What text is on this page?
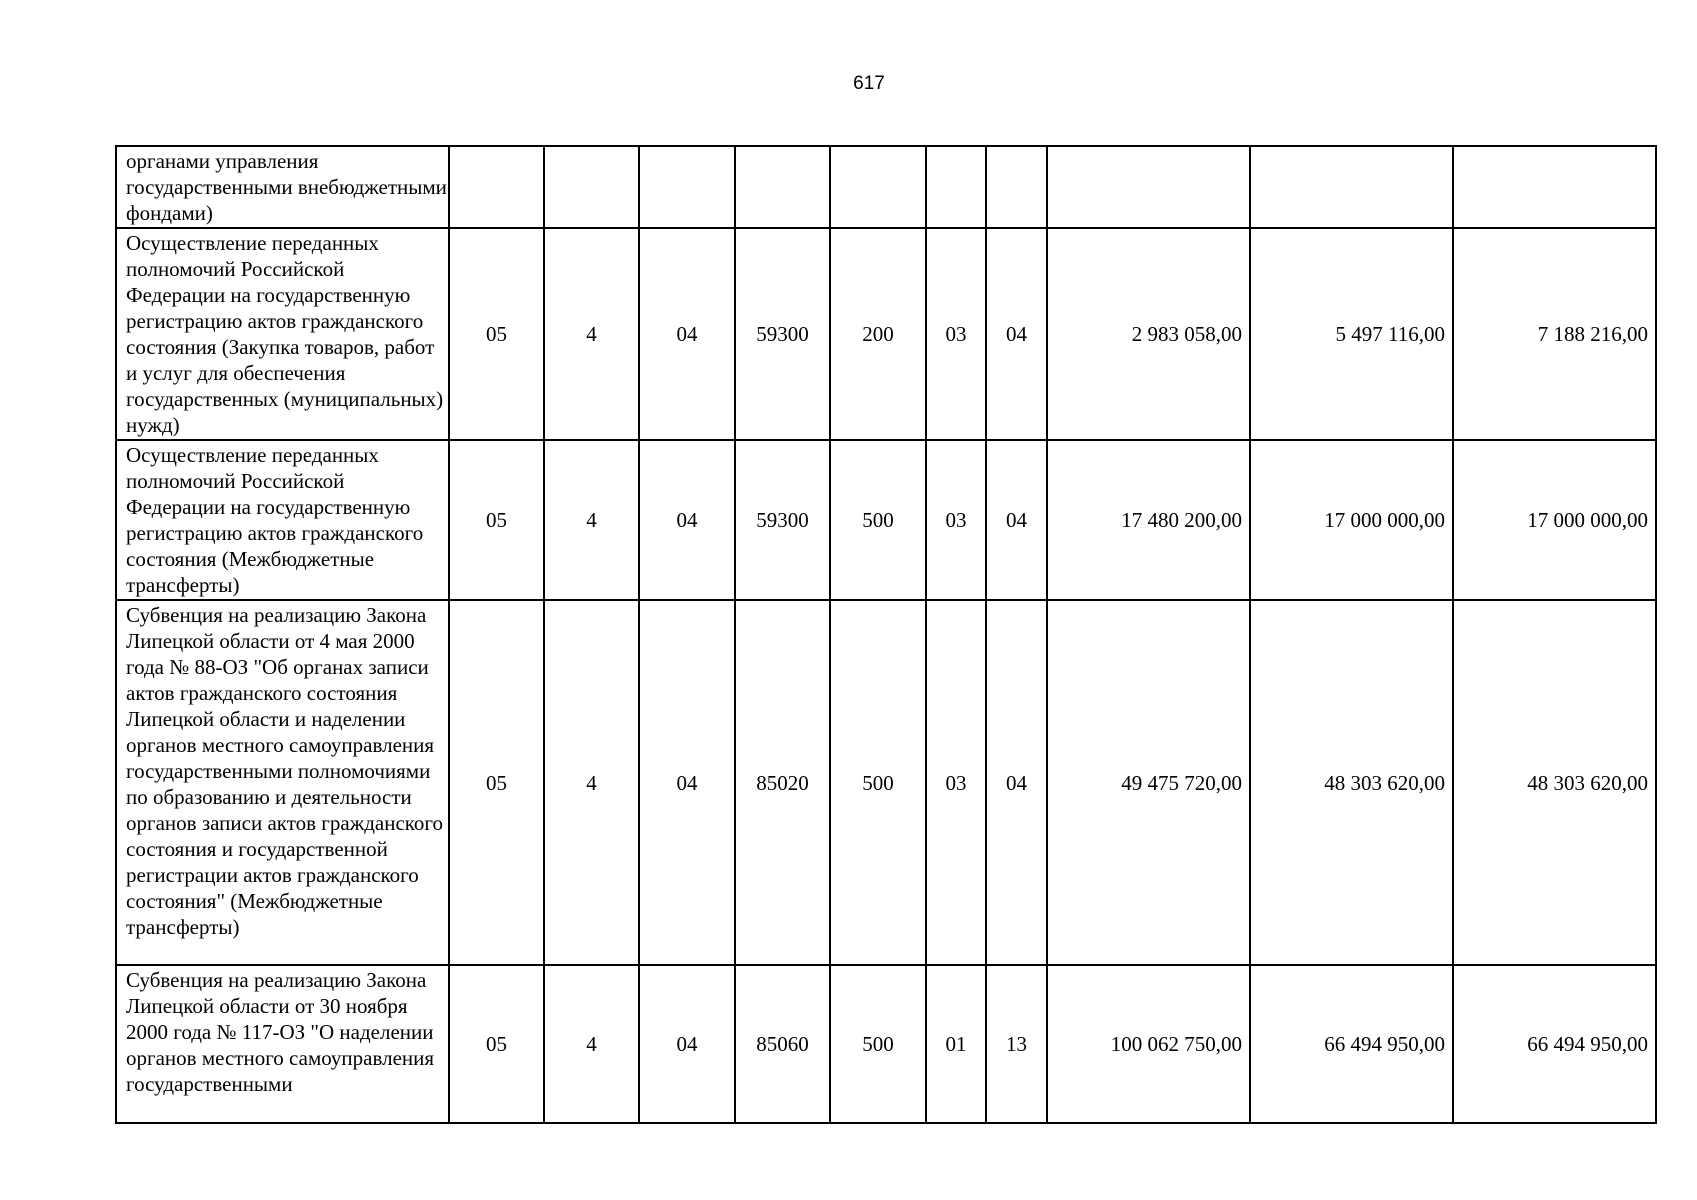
617
органами управления государственными внебюджетными фондами)										
Осуществление переданных полномочий Российской Федерации на государственную регистрацию актов гражданского состояния (Закупка товаров, работ и услуг для обеспечения государственных (муниципальных) нужд)	05	4	04	59300	200	03	04	2 983 058,00	5 497 116,00	7 188 216,00
Осуществление переданных полномочий Российской Федерации на государственную регистрацию актов гражданского состояния (Межбюджетные трансферты)	05	4	04	59300	500	03	04	17 480 200,00	17 000 000,00	17 000 000,00
Субвенция на реализацию Закона Липецкой области от 4 мая 2000 года № 88-ОЗ "Об органах записи актов гражданского состояния Липецкой области и наделении органов местного самоуправления государственными полномочиями по образованию и деятельности органов записи актов гражданского состояния и государственной регистрации актов гражданского состояния" (Межбюджетные трансферты)	05	4	04	85020	500	03	04	49 475 720,00	48 303 620,00	48 303 620,00
Субвенция на реализацию Закона Липецкой области от 30 ноября 2000 года № 117-ОЗ "О наделении органов местного самоуправления государственными	05	4	04	85060	500	01	13	100 062 750,00	66 494 950,00	66 494 950,00
